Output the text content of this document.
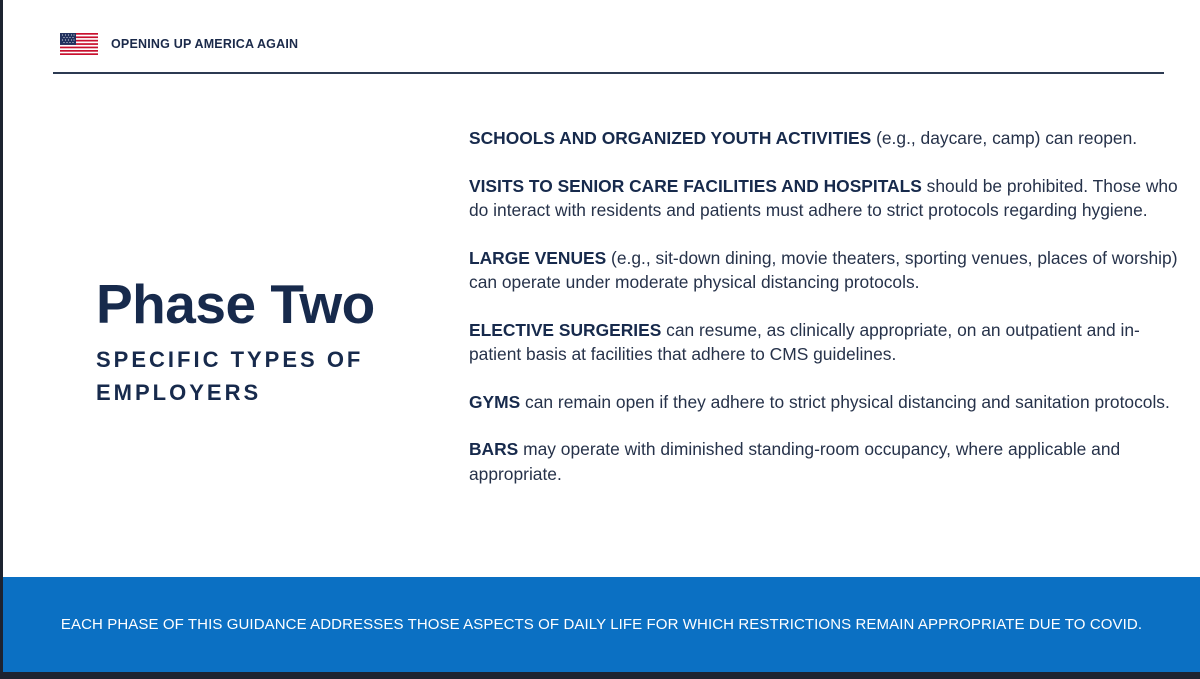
OPENING UP AMERICA AGAIN
Phase Two
SPECIFIC TYPES OF
EMPLOYERS
SCHOOLS AND ORGANIZED YOUTH ACTIVITIES (e.g., daycare, camp) can reopen.
VISITS TO SENIOR CARE FACILITIES AND HOSPITALS should be prohibited. Those who do interact with residents and patients must adhere to strict protocols regarding hygiene.
LARGE VENUES (e.g., sit-down dining, movie theaters, sporting venues, places of worship) can operate under moderate physical distancing protocols.
ELECTIVE SURGERIES can resume, as clinically appropriate, on an outpatient and in-patient basis at facilities that adhere to CMS guidelines.
GYMS can remain open if they adhere to strict physical distancing and sanitation protocols.
BARS may operate with diminished standing-room occupancy, where applicable and appropriate.
EACH PHASE OF THIS GUIDANCE ADDRESSES THOSE ASPECTS OF DAILY LIFE FOR WHICH RESTRICTIONS REMAIN APPROPRIATE DUE TO COVID.
